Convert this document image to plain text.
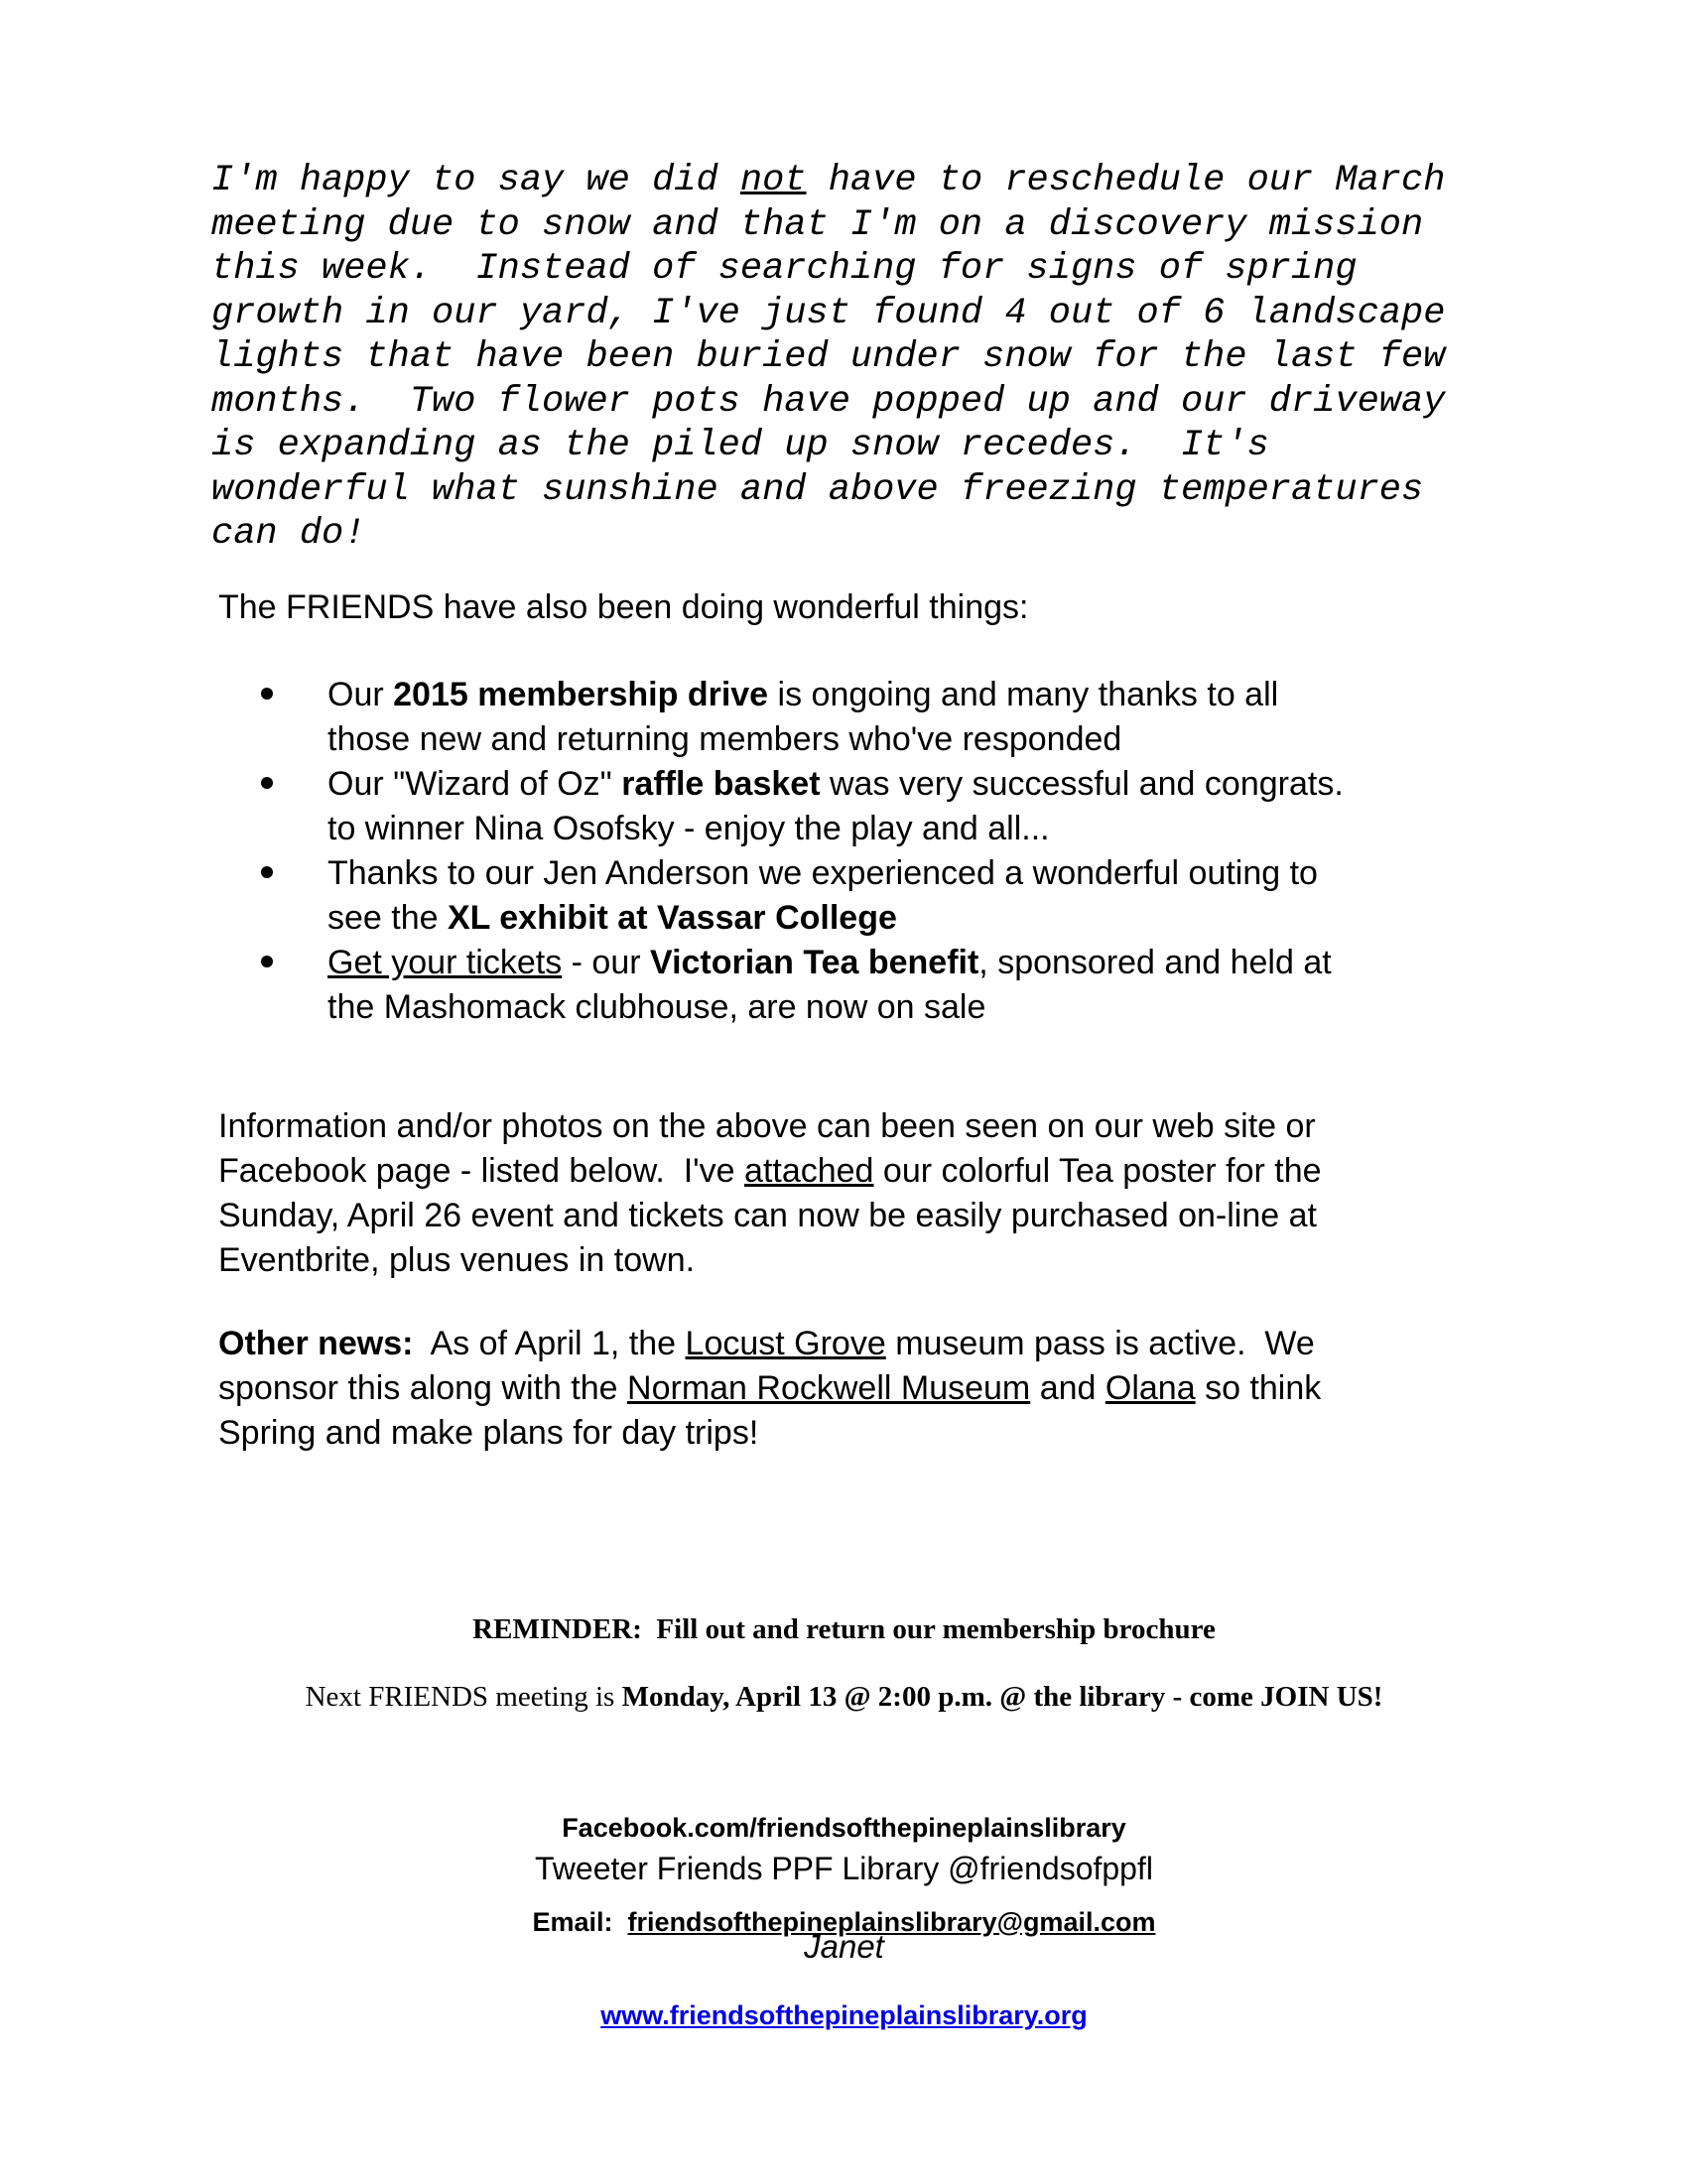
I'm happy to say we did not have to reschedule our March
meeting due to snow and that I'm on a discovery mission
this week.  Instead of searching for signs of spring
growth in our yard, I've just found 4 out of 6 landscape
lights that have been buried under snow for the last few
months.  Two flower pots have popped up and our driveway
is expanding as the piled up snow recedes.  It's
wonderful what sunshine and above freezing temperatures
can do!
The FRIENDS have also been doing wonderful things:
Our 2015 membership drive is ongoing and many thanks to all
those new and returning members who've responded
Our "Wizard of Oz" raffle basket was very successful and congrats.
to winner Nina Osofsky - enjoy the play and all...
Thanks to our Jen Anderson we experienced a wonderful outing to
see the XL exhibit at Vassar College
Get your tickets - our Victorian Tea benefit, sponsored and held at
the Mashomack clubhouse, are now on sale
Information and/or photos on the above can been seen on our web site or
Facebook page - listed below.  I've attached our colorful Tea poster for the
Sunday, April 26 event and tickets can now be easily purchased on-line at
Eventbrite, plus venues in town.
Other news:  As of April 1, the Locust Grove museum pass is active.  We
sponsor this along with the Norman Rockwell Museum and Olana so think
Spring and make plans for day trips!
REMINDER:  Fill out and return our membership brochure
Next FRIENDS meeting is Monday, April 13 @ 2:00 p.m. @ the library - come JOIN US!

Facebook.com/friendsofthepineplainslibrary

Email:  friendsofthepineplainslibrary@gmail.com

www.friendsofthepineplainslibrary.org

Tweeter Friends PPF Library @friendsofppfl
Janet
